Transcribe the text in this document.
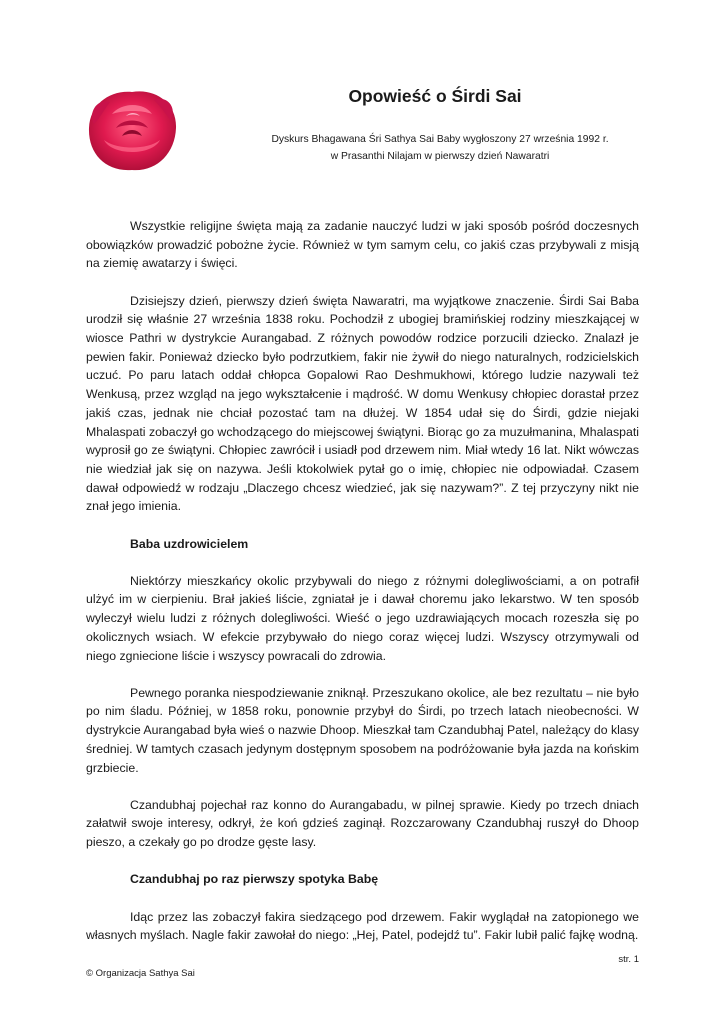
Opowieść o Śirdi Sai
Dyskurs Bhagawana Śri Sathya Sai Baby wygłoszony 27 września 1992 r.
w Prasanthi Nilajam w pierwszy dzień Nawaratri

Wszystkie religijne święta mają za zadanie nauczyć ludzi w jaki sposób pośród doczesnych obowiązków prowadzić pobożne życie. Również w tym samym celu, co jakiś czas przybywali z misją na ziemię awatarzy i święci.

Dzisiejszy dzień, pierwszy dzień święta Nawaratri, ma wyjątkowe znaczenie. Śirdi Sai Baba urodził się właśnie 27 września 1838 roku. Pochodził z ubogiej bramińskiej rodziny mieszkającej w wiosce Pathri w dystrykcie Aurangabad. Z różnych powodów rodzice porzucili dziecko. Znalazł je pewien fakir. Ponieważ dziecko było podrzutkiem, fakir nie żywił do niego naturalnych, rodzicielskich uczuć. Po paru latach oddał chłopca Gopalowi Rao Deshmukhowi, którego ludzie nazywali też Wenkusą, przez wzgląd na jego wykształcenie i mądrość. W domu Wenkusy chłopiec dorastał przez jakiś czas, jednak nie chciał pozostać tam na dłużej. W 1854 udał się do Śirdi, gdzie niejaki Mhalaspati zobaczył go wchodzącego do miejscowej świątyni. Biorąc go za muzułmanina, Mhalaspati wyprosił go ze świątyni. Chłopiec zawrócił i usiadł pod drzewem nim. Miał wtedy 16 lat. Nikt wówczas nie wiedział jak się on nazywa. Jeśli ktokolwiek pytał go o imię, chłopiec nie odpowiadał. Czasem dawał odpowiedź w rodzaju „Dlaczego chcesz wiedzieć, jak się nazywam?”. Z tej przyczyny nikt nie znał jego imienia.

Baba uzdrowicielem

Niektórzy mieszkańcy okolic przybywali do niego z różnymi dolegliwościami, a on potrafił ulżyć im w cierpieniu. Brał jakieś liście, zgniatał je i dawał choremu jako lekarstwo. W ten sposób wyleczył wielu ludzi z różnych dolegliwości. Wieść o jego uzdrawiających mocach rozeszła się po okolicznych wsiach. W efekcie przybywało do niego coraz więcej ludzi. Wszyscy otrzymywali od niego zgniecione liście i wszyscy powracali do zdrowia.

Pewnego poranka niespodziewanie zniknął. Przeszukano okolice, ale bez rezultatu – nie było po nim śladu. Później, w 1858 roku, ponownie przybył do Śirdi, po trzech latach nieobecności. W dystrykcie Aurangabad była wieś o nazwie Dhoop. Mieszkał tam Czandubhaj Patel, należący do klasy średniej. W tamtych czasach jedynym dostępnym sposobem na podróżowanie była jazda na końskim grzbiecie.

Czandubhaj pojechał raz konno do Aurangabadu, w pilnej sprawie. Kiedy po trzech dniach załatwił swoje interesy, odkrył, że koń gdzieś zaginął. Rozczarowany Czandubhaj ruszył do Dhoop pieszo, a czekały go po drodze gęste lasy.

Czandubhaj po raz pierwszy spotyka Babę

Idąc przez las zobaczył fakira siedzącego pod drzewem. Fakir wyglądał na zatopionego we własnych myślach. Nagle fakir zawołał do niego: „Hej, Patel, podejdź tu”. Fakir lubił palić fajkę wodną.

str. 1
© Organizacja Sathya Sai
